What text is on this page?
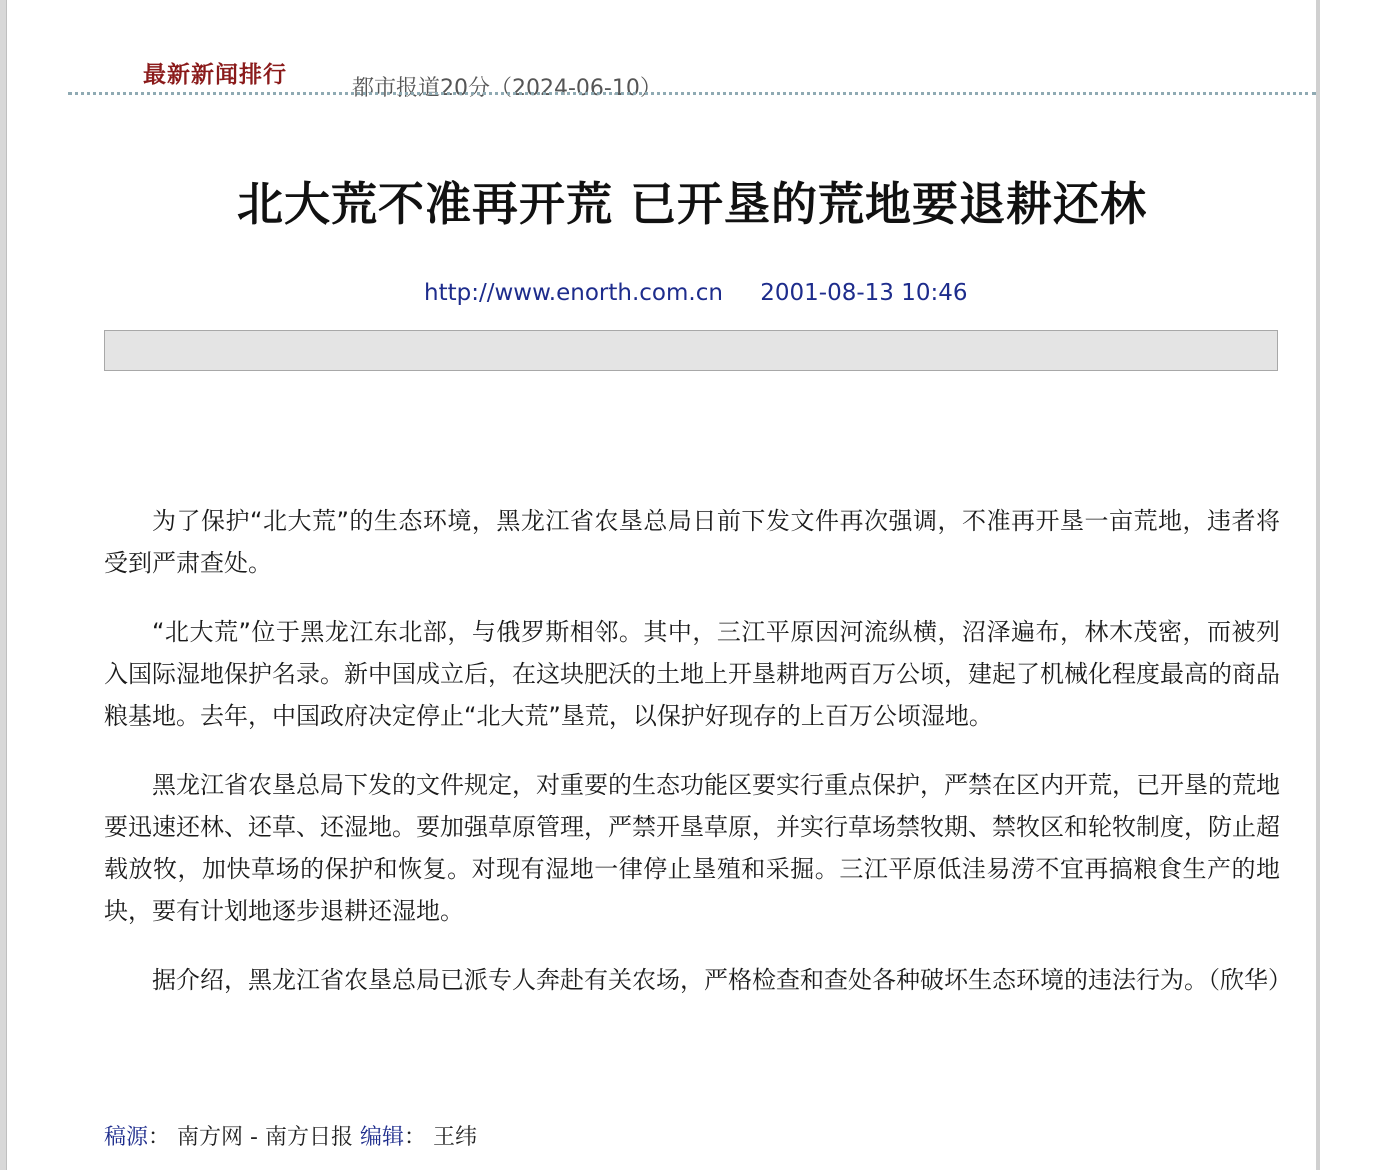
最新新闻排行
都市报道20分（2024-06-10）
北大荒不准再开荒 已开垦的荒地要退耕还林
http://www.enorth.com.cn 2001-08-13 10:46

为了保护“北大荒”的生态环境，黑龙江省农垦总局日前下发文件再次强调，不准再开垦一亩荒地，违者将受到严肃查处。

“北大荒”位于黑龙江东北部，与俄罗斯相邻。其中，三江平原因河流纵横，沼泽遍布，林木茂密，而被列入国际湿地保护名录。新中国成立后，在这块肥沃的土地上开垦耕地两百万公顷，建起了机械化程度最高的商品粮基地。去年，中国政府决定停止“北大荒”垦荒，以保护好现存的上百万公顷湿地。

黑龙江省农垦总局下发的文件规定，对重要的生态功能区要实行重点保护，严禁在区内开荒，已开垦的荒地要迅速还林、还草、还湿地。要加强草原管理，严禁开垦草原，并实行草场禁牧期、禁牧区和轮牧制度，防止超载放牧，加快草场的保护和恢复。对现有湿地一律停止垦殖和采掘。三江平原低洼易涝不宜再搞粮食生产的地块，要有计划地逐步退耕还湿地。

据介绍，黑龙江省农垦总局已派专人奔赴有关农场，严格检查和查处各种破坏生态环境的违法行为。（欣华）

稿源： 南方网 - 南方日报 编辑： 王纬
